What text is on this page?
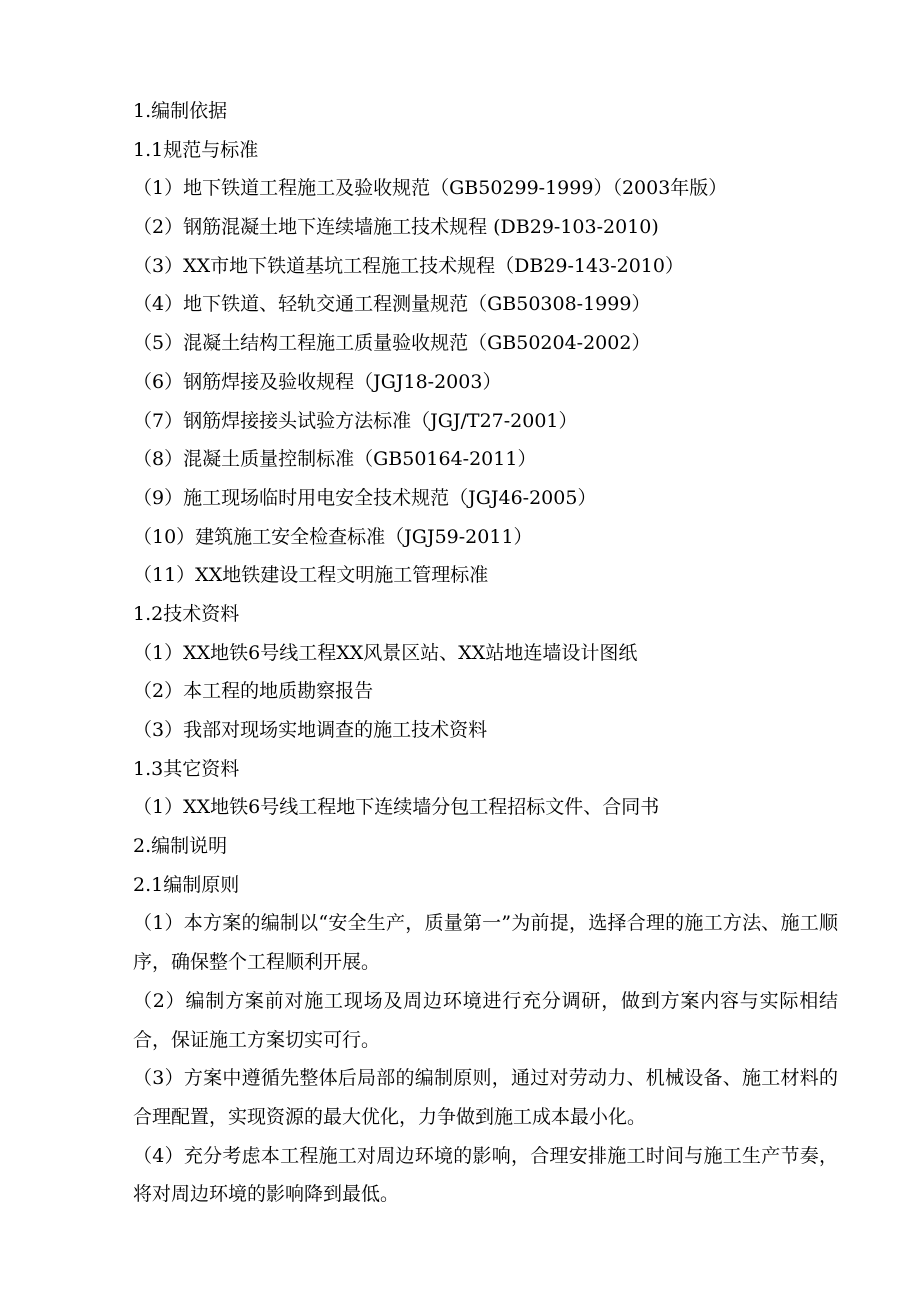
1.编制依据

1.1规范与标准

（1）地下铁道工程施工及验收规范（GB50299-1999）（2003年版）

（2）钢筋混凝土地下连续墙施工技术规程 (DB29-103-2010)

（3）XX市地下铁道基坑工程施工技术规程（DB29-143-2010）

（4）地下铁道、轻轨交通工程测量规范（GB50308-1999）

（5）混凝土结构工程施工质量验收规范（GB50204-2002）

（6）钢筋焊接及验收规程（JGJ18-2003）

（7）钢筋焊接接头试验方法标准（JGJ/T27-2001）

（8）混凝土质量控制标准（GB50164-2011）

（9）施工现场临时用电安全技术规范（JGJ46-2005）

（10）建筑施工安全检查标准（JGJ59-2011）

（11）XX地铁建设工程文明施工管理标准

1.2技术资料

（1）XX地铁6号线工程XX风景区站、XX站地连墙设计图纸

（2）本工程的地质勘察报告

（3）我部对现场实地调查的施工技术资料

1.3其它资料

（1）XX地铁6号线工程地下连续墙分包工程招标文件、合同书

2.编制说明

2.1编制原则

（1）本方案的编制以“安全生产，质量第一”为前提，选择合理的施工方法、施工顺序，确保整个工程顺利开展。

（2）编制方案前对施工现场及周边环境进行充分调研，做到方案内容与实际相结合，保证施工方案切实可行。

（3）方案中遵循先整体后局部的编制原则，通过对劳动力、机械设备、施工材料的合理配置，实现资源的最大优化，力争做到施工成本最小化。

（4）充分考虑本工程施工对周边环境的影响，合理安排施工时间与施工生产节奏，将对周边环境的影响降到最低。
